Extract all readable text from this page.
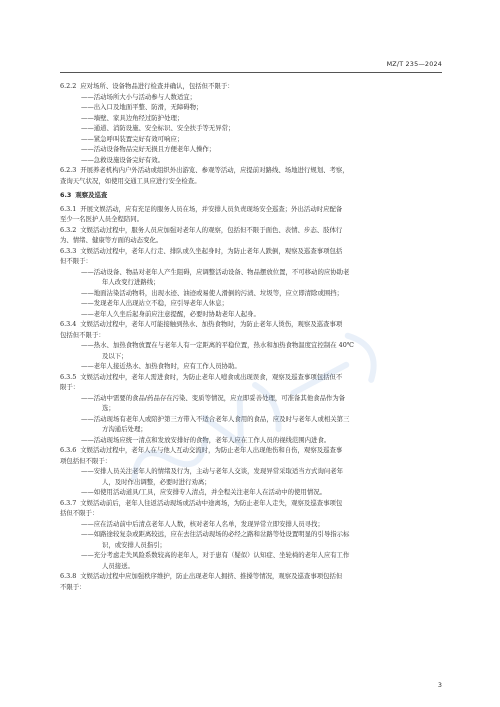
MZ/T 235—2024
6.2.2 应对场所、设备物品进行检查并确认，包括但不限于：
——活动场所大小与活动参与人数适宜；
——出入口及地面平整、防滑，无障碍物；
——墙壁、家具边角经过防护处理；
——通道、消防设施、安全标识、安全扶手等无异常；
——紧急呼叫装置完好有效可响应；
——活动设备物品完好无损且方便老年人操作；
——急救设施设备完好有效。
6.2.3 开展养老机构内户外活动或组织外出游览、参观等活动，应提前对路线、场地进行规划、考察，
查询天气状况，如使用交通工具应进行安全检查。
6.3 观察及巡查
6.3.1 开展文娱活动，应有充足的服务人员在场，并安排人员负责现场安全巡查；外出活动时应配备
至少一名医护人员全程陪同。
6.3.2 文娱活动过程中，服务人员应加强对老年人的观察，包括但不限于面色、表情、步态、肢体行
为、情绪、健康等方面的动态变化。
6.3.3 文娱活动过程中，老年人行走、排队或久坐起身时，为防止老年人跌倒，观察及巡查事项包括
但不限于：
——活动设备、物品对老年人产生阻碍，应调整活动设备、物品摆放位置，不可移动的应协助老
年人改变行进路线；
——地面沾染活动物料，出现水迹、油迹或易使人滑倒的污渍、垃圾等，应立即清除或围挡；
——发现老年人出现站立不稳，应引导老年人休息；
——老年人久坐后起身前应注意提醒，必要时协助老年人起身。
6.3.4 文娱活动过程中，老年人可能接触到热水、加热食物时，为防止老年人烫伤，观察及巡查事项
包括但不限于：
——热水、加热食物放置在与老年人有一定距离的平稳位置，热水和加热食物温度宜控制在 40℃
及以下；
——老年人接近热水、加热食物时，应有工作人员协助。
6.3.5 文娱活动过程中，老年人需进食时，为防止老年人噎食或出现误食，观察及巡查事项包括但不
限于：
——活动中需要的食品/药品存在污染、变质等情况，应立即妥善处理，可准备其他食品作为备
选；
——活动现场有老年人或陪护第三方带入不适合老年人食用的食品，应及时与老年人或相关第三
方沟通后处理；
——活动现场应统一清点和发放安排好的食物，老年人应在工作人员的视线范围内进食。
6.3.6 文娱活动过程中，老年人在与他人互动交流时，为防止老年人出现他伤和自伤，观察及巡查事
项包括但不限于：
——安排人员关注老年人的情绪及行为，主动与老年人交谈，发现异常采取适当方式询问老年
人，及时作出调整，必要时进行劝离；
——如使用活动道具/工具，应安排专人清点，并全程关注老年人在活动中的使用情况。
6.3.7 文娱活动前后，老年人往返活动现场或活动中途离场，为防止老年人走失，观察及巡查事项包
括但不限于：
——应在活动前中后清点老年人人数，核对老年人名单，发现异常立即安排人员寻找；
——如路途较复杂或距离较远，应在去往活动现场的必经之路和岔路等处设置明显的引导指示标
识，或安排人员指引；
——充分考虑走失风险系数较高的老年人，对于患有（疑似）认知症、坐轮椅的老年人应有工作
人员接送。
6.3.8 文娱活动过程中应加强秩序维护，防止出现老年人拥挤、推搡等情况，观察及巡查事项包括但
不限于：
3
